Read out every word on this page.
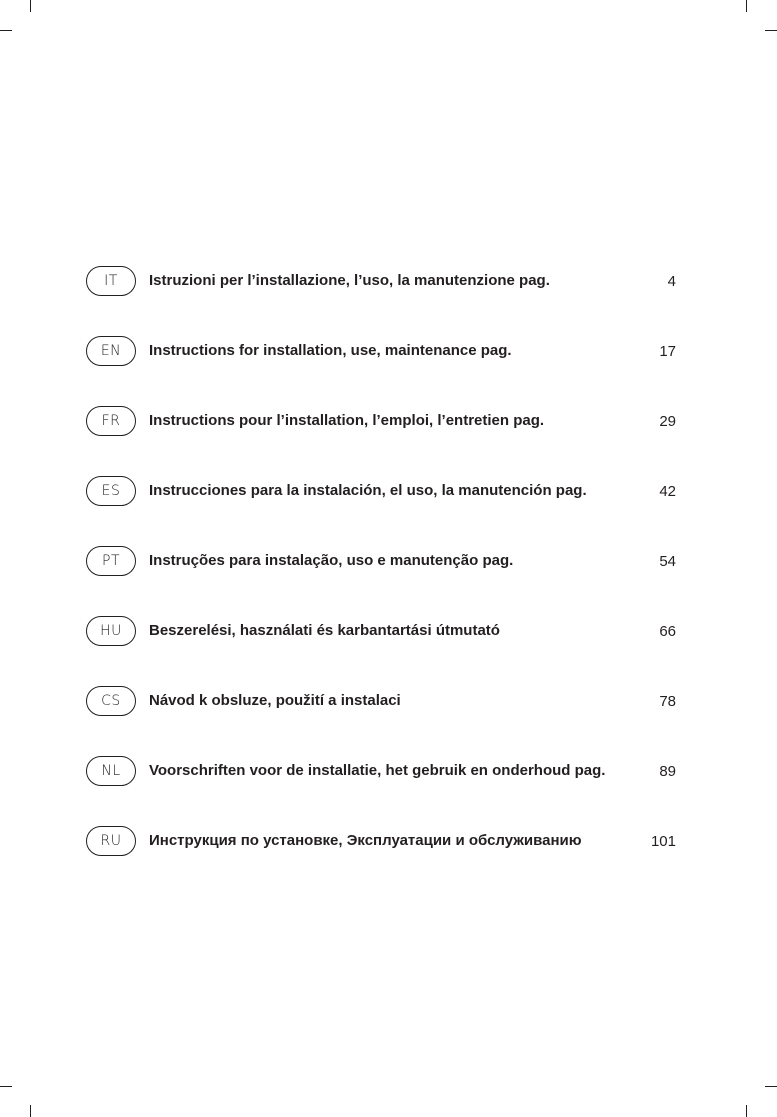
IT	Istruzioni per l’installazione, l’uso, la manutenzione pag.	4
EN	Instructions for installation, use, maintenance pag.	17
FR	Instructions pour l’installation, l’emploi, l’entretien pag.	29
ES	Instrucciones para la instalación, el uso, la manutención pag.	42
PT	Instruções para instalação, uso e manutenção pag.	54
HU	Beszerelési, használati és karbantartási útmutató	66
CS	Návod k obsluze, použití a instalaci	78
NL	Voorschriften voor de installatie, het gebruik en onderhoud pag.	89
RU	Инструкция по установке, Эксплуатации и обслуживанию	101
